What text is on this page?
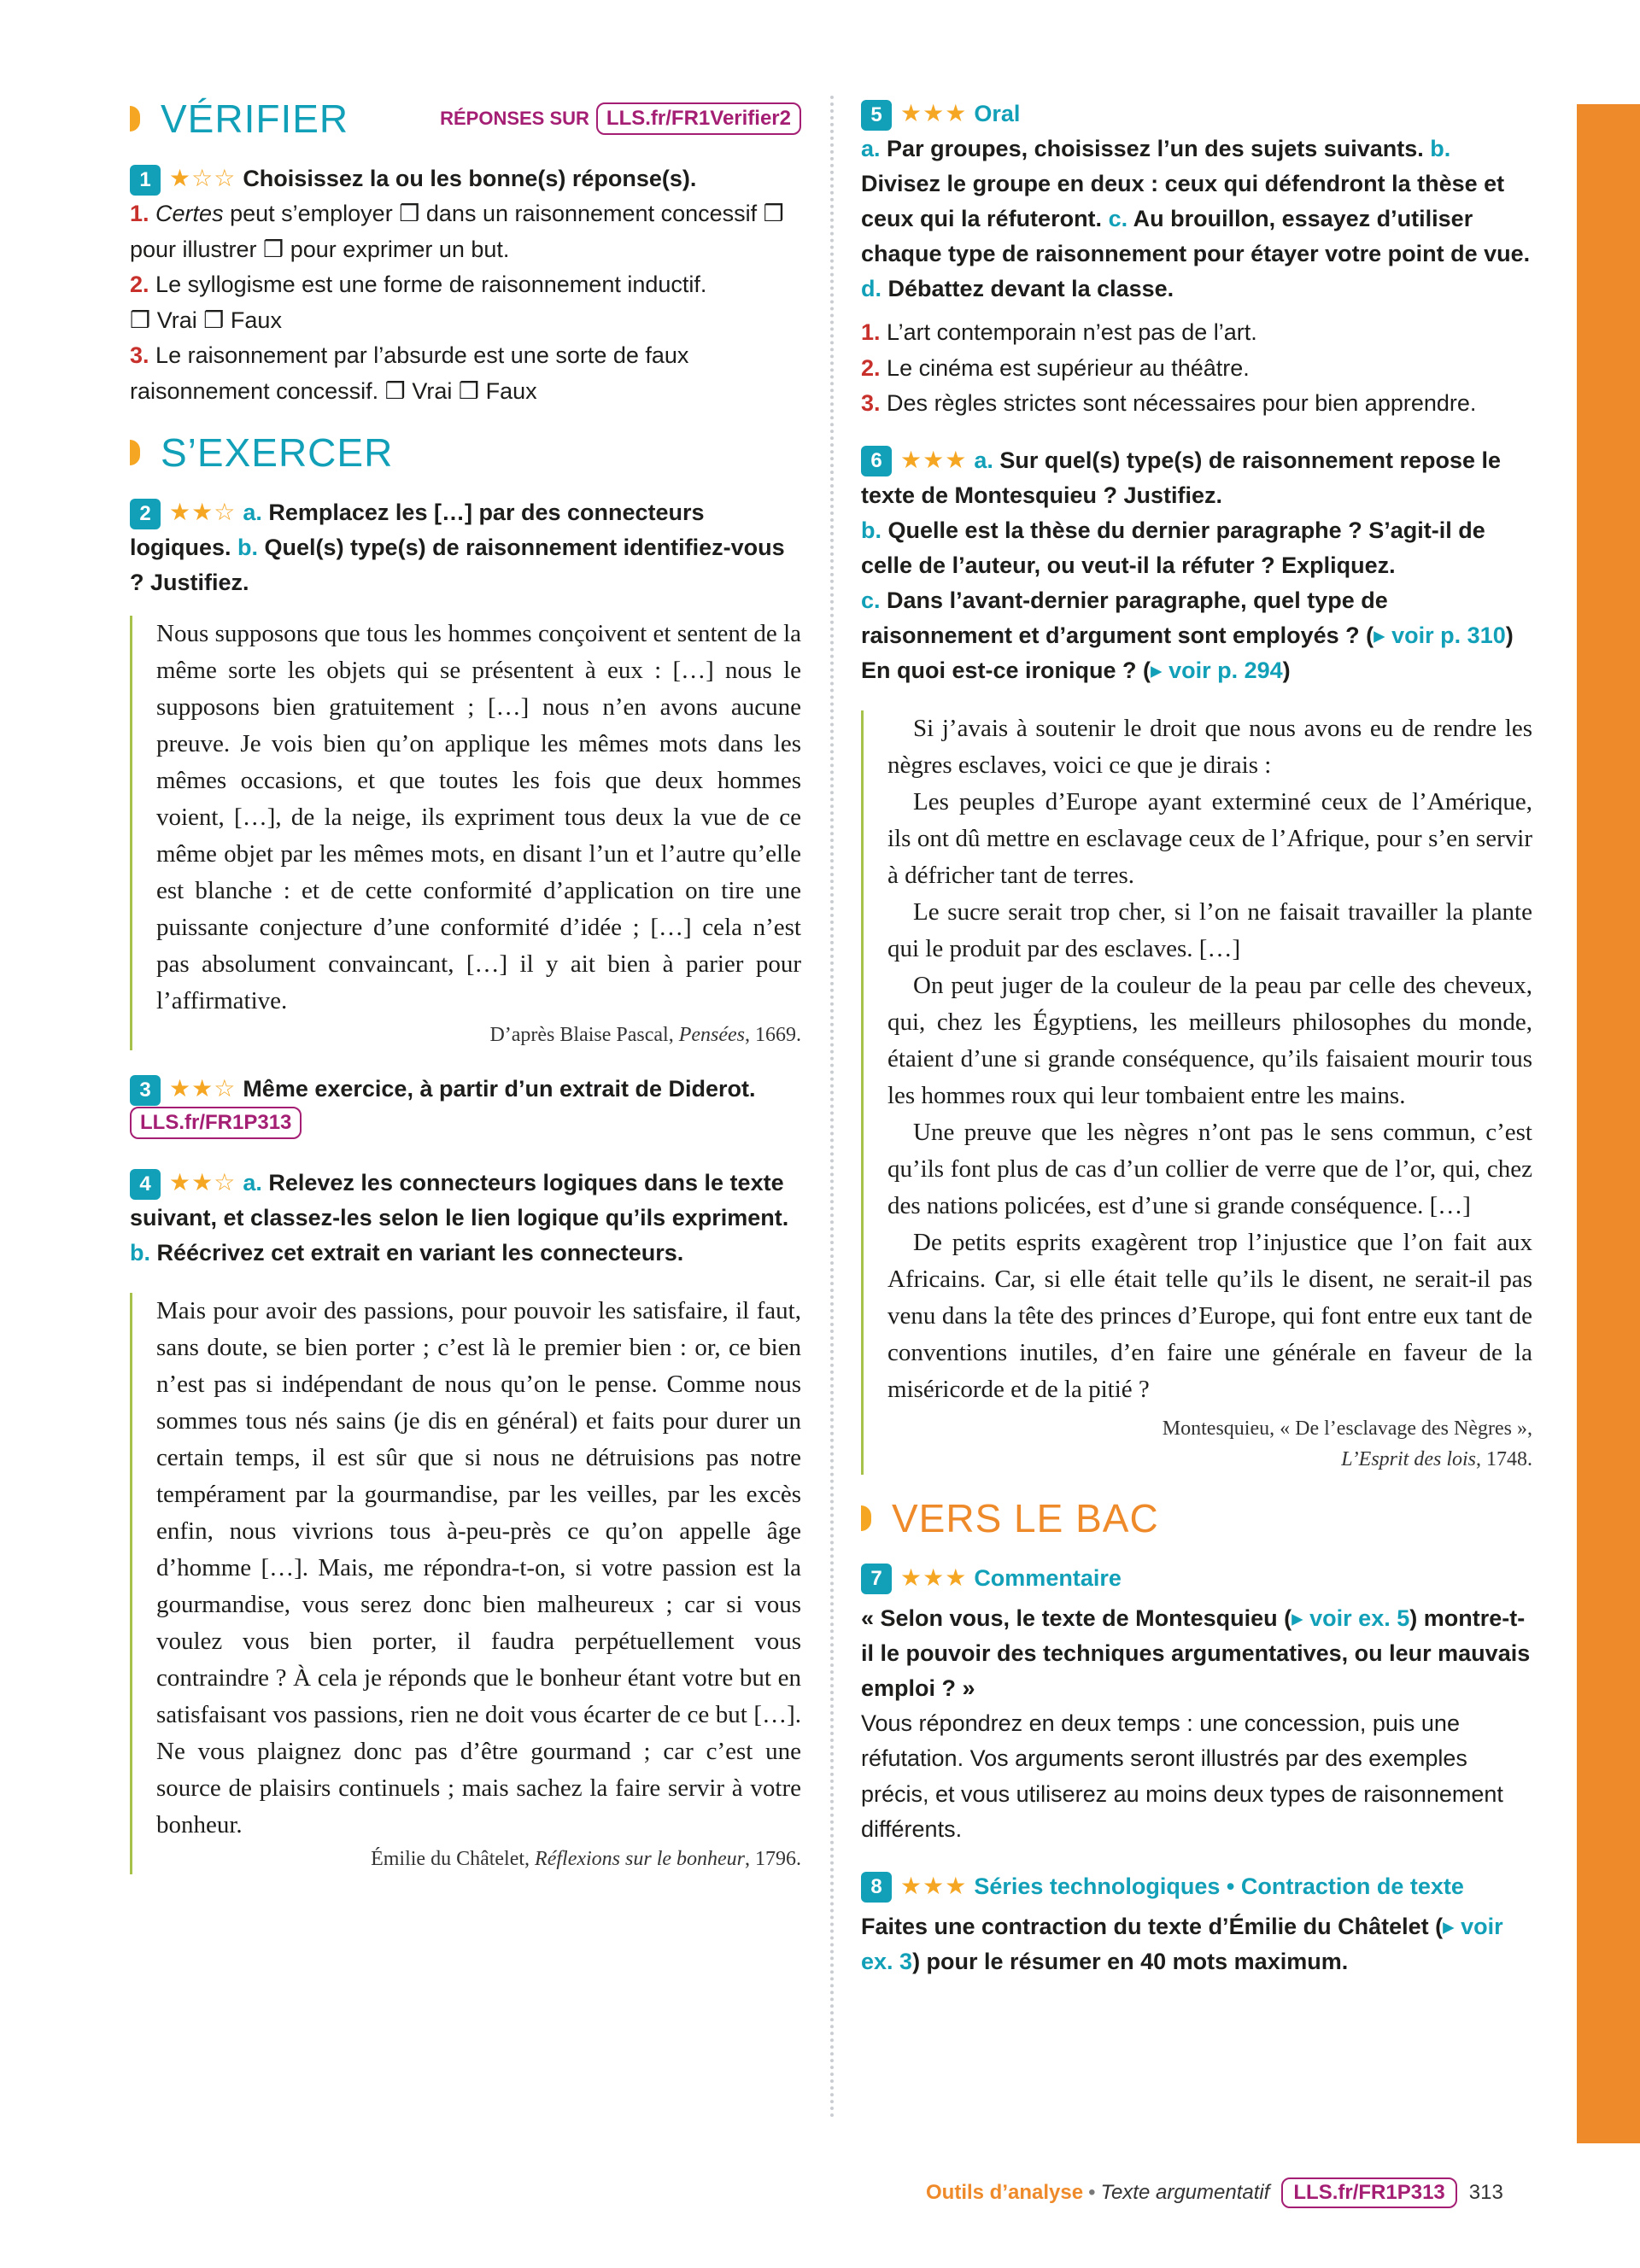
VÉRIFIER	RÉPONSES SUR LLS.fr/FR1Verifier2
1 ★☆☆ Choisissez la ou les bonne(s) réponse(s).
1. Certes peut s’employer ❒ dans un raisonnement concessif ❒ pour illustrer ❒ pour exprimer un but.
2. Le syllogisme est une forme de raisonnement inductif.
❒ Vrai ❒ Faux
3. Le raisonnement par l’absurde est une sorte de faux raisonnement concessif. ❒ Vrai ❒ Faux
S’EXERCER
2 ★★☆ a. Remplacez les […] par des connecteurs logiques. b. Quel(s) type(s) de raisonnement identifiez-vous ? Justifiez.

Nous supposons que tous les hommes conçoivent et sentent de la même sorte les objets qui se présentent à eux : […] nous le supposons bien gratuitement ; […] nous n’en avons aucune preuve. Je vois bien qu’on applique les mêmes mots dans les mêmes occasions, et que toutes les fois que deux hommes voient, […], de la neige, ils expriment tous deux la vue de ce même objet par les mêmes mots, en disant l’un et l’autre qu’elle est blanche : et de cette conformité d’application on tire une puissante conjecture d’une conformité d’idée ; […] cela n’est pas absolument convaincant, […] il y ait bien à parier pour l’affirmative.

D’après Blaise Pascal, Pensées, 1669.
3 ★★☆ Même exercice, à partir d’un extrait de Diderot.
LLS.fr/FR1P313
4 ★★☆ a. Relevez les connecteurs logiques dans le texte suivant, et classez-les selon le lien logique qu’ils expriment. b. Réécrivez cet extrait en variant les connecteurs.

Mais pour avoir des passions, pour pouvoir les satisfaire, il faut, sans doute, se bien porter ; c’est là le premier bien : or, ce bien n’est pas si indépendant de nous qu’on le pense. Comme nous sommes tous nés sains (je dis en général) et faits pour durer un certain temps, il est sûr que si nous ne détruisions pas notre tempérament par la gourmandise, par les veilles, par les excès enfin, nous vivrions tous à-peu-près ce qu’on appelle âge d’homme […]. Mais, me répondra-t-on, si votre passion est la gourmandise, vous serez donc bien malheureux ; car si vous voulez vous bien porter, il faudra perpétuellement vous contraindre ? À cela je réponds que le bonheur étant votre but en satisfaisant vos passions, rien ne doit vous écarter de ce but […]. Ne vous plaignez donc pas d’être gourmand ; car c’est une source de plaisirs continuels ; mais sachez la faire servir à votre bonheur.

Émilie du Châtelet, Réflexions sur le bonheur, 1796.
5 ★★★ Oral
a. Par groupes, choisissez l’un des sujets suivants. b. Divisez le groupe en deux : ceux qui défendront la thèse et ceux qui la réfuteront. c. Au brouillon, essayez d’utiliser chaque type de raisonnement pour étayer votre point de vue. d. Débattez devant la classe.
1. L’art contemporain n’est pas de l’art.
2. Le cinéma est supérieur au théâtre.
3. Des règles strictes sont nécessaires pour bien apprendre.
6 ★★★ a. Sur quel(s) type(s) de raisonnement repose le texte de Montesquieu ? Justifiez.
b. Quelle est la thèse du dernier paragraphe ? S’agit-il de celle de l’auteur, ou veut-il la réfuter ? Expliquez.
c. Dans l’avant-dernier paragraphe, quel type de raisonnement et d’argument sont employés ? (▸ voir p. 310) En quoi est-ce ironique ? (▸ voir p. 294)

Si j’avais à soutenir le droit que nous avons eu de rendre les nègres esclaves, voici ce que je dirais :

Les peuples d’Europe ayant exterminé ceux de l’Amérique, ils ont dû mettre en esclavage ceux de l’Afrique, pour s’en servir à défricher tant de terres.

Le sucre serait trop cher, si l’on ne faisait travailler la plante qui le produit par des esclaves. […]

On peut juger de la couleur de la peau par celle des cheveux, qui, chez les Égyptiens, les meilleurs philosophes du monde, étaient d’une si grande conséquence, qu’ils faisaient mourir tous les hommes roux qui leur tombaient entre les mains.

Une preuve que les nègres n’ont pas le sens commun, c’est qu’ils font plus de cas d’un collier de verre que de l’or, qui, chez des nations policées, est d’une si grande conséquence. […]

De petits esprits exagèrent trop l’injustice que l’on fait aux Africains. Car, si elle était telle qu’ils le disent, ne serait-il pas venu dans la tête des princes d’Europe, qui font entre eux tant de conventions inutiles, d’en faire une générale en faveur de la miséricorde et de la pitié ?

Montesquieu, « De l’esclavage des Nègres »,
L’Esprit des lois, 1748.
VERS LE BAC
7 ★★★ Commentaire
« Selon vous, le texte de Montesquieu (▸ voir ex. 5) montre-t-il le pouvoir des techniques argumentatives, ou leur mauvais emploi ? »
Vous répondrez en deux temps : une concession, puis une réfutation. Vos arguments seront illustrés par des exemples précis, et vous utiliserez au moins deux types de raisonnement différents.
8 ★★★ Séries technologiques • Contraction de texte
Faites une contraction du texte d’Émilie du Châtelet (▸ voir ex. 3) pour le résumer en 40 mots maximum.
Outils d’analyse • Texte argumentatif	LLS.fr/FR1P313	313
